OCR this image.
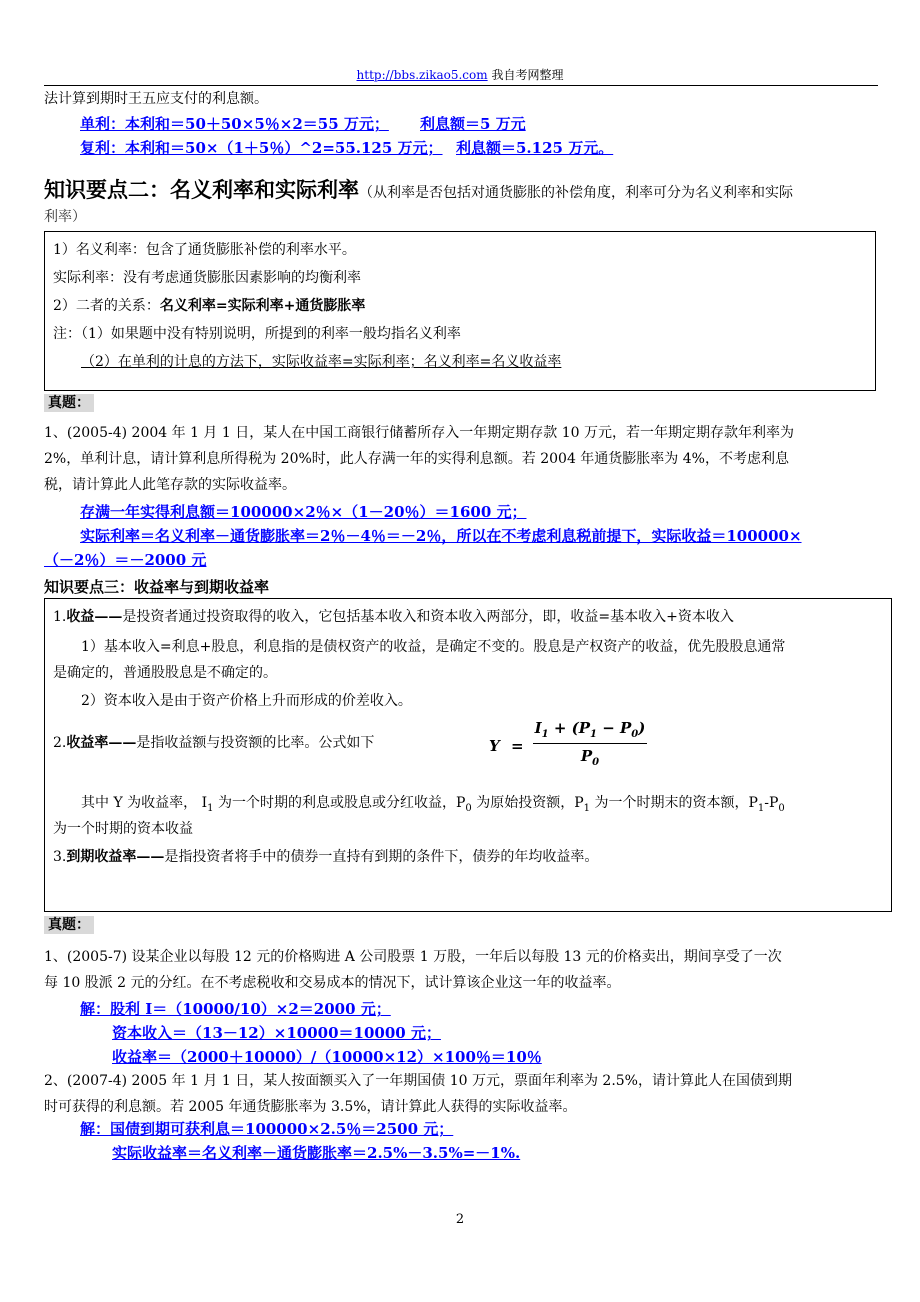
http://bbs.zikao5.com 我自考网整理
法计算到期时王五应支付的利息额。
单利：本利和＝50＋50×5％×2＝55 万元； 利息额＝5 万元
复利：本利和＝50×（1＋5％）^2=55.125 万元； 利息额＝5.125 万元。
知识要点二：名义利率和实际利率（从利率是否包括对通货膨胀的补偿角度，利率可分为名义利率和实际
利率）
1）名义利率：包含了通货膨胀补偿的利率水平。
实际利率：没有考虑通货膨胀因素影响的均衡利率
2）二者的关系：名义利率=实际利率+通货膨胀率
注：（1）如果题中没有特别说明，所提到的利率一般均指名义利率
（2）在单利的计息的方法下，实际收益率=实际利率；名义利率=名义收益率
真题：
1、(2005-4) 2004 年 1 月 1 日，某人在中国工商银行储蓄所存入一年期定期存款 10 万元，若一年期定期存款年利率为
2%，单利计息，请计算利息所得税为 20%时，此人存满一年的实得利息额。若 2004 年通货膨胀率为 4%，不考虑利息
税，请计算此人此笔存款的实际收益率。
存满一年实得利息额＝100000×2％×（1－20％）＝1600 元；
实际利率＝名义利率－通货膨胀率＝2％－4％＝－2％，所以在不考虑利息税前提下，实际收益＝100000×
（－2％）＝－2000 元
知识要点三：收益率与到期收益率
1.收益——是投资者通过投资取得的收入，它包括基本收入和资本收入两部分，即，收益=基本收入+资本收入
1）基本收入=利息+股息，利息指的是债权资产的收益，是确定不变的。股息是产权资产的收益，优先股股息通常
是确定的，普通股股息是不确定的。
2）资本收入是由于资产价格上升而形成的价差收入。
2.收益率——是指收益额与投资额的比率。公式如下	Y =
$I_1 + (P_1 - P_0)$
$P_0$
其中 Y 为收益率， $I_1$ 为一个时期的利息或股息或分红收益，$P_0$ 为原始投资额，$P_1$ 为一个时期末的资本额，$P_1-P_0$
为一个时期的资本收益
3.到期收益率——是指投资者将手中的债券一直持有到期的条件下，债券的年均收益率。
真题：
1、(2005-7) 设某企业以每股 12 元的价格购进 A 公司股票 1 万股，一年后以每股 13 元的价格卖出，期间享受了一次
每 10 股派 2 元的分红。在不考虑税收和交易成本的情况下，试计算该企业这一年的收益率。
解：股利 I＝（10000/10）×2＝2000 元；
资本收入＝（13－12）×10000＝10000 元；
收益率＝（2000＋10000）/（10000×12）×100％＝10％
2、(2007-4) 2005 年 1 月 1 日，某人按面额买入了一年期国债 10 万元，票面年利率为 2.5%，请计算此人在国债到期
时可获得的利息额。若 2005 年通货膨胀率为 3.5%，请计算此人获得的实际收益率。
解：国债到期可获利息＝100000×2.5％＝2500 元；
实际收益率＝名义利率－通货膨胀率＝2.5%－3.5%=－1%.
2
